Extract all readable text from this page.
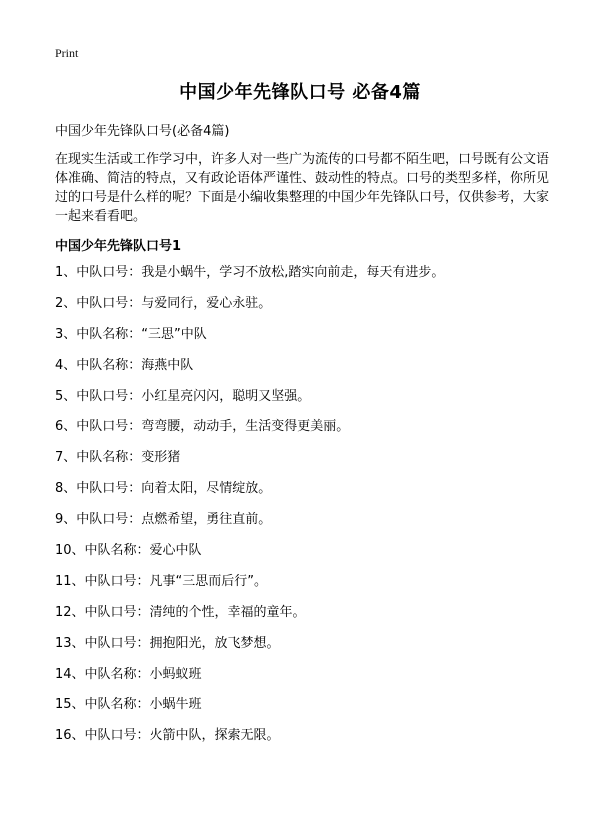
Print
中国少年先锋队口号 必备4篇
中国少年先锋队口号(必备4篇)
在现实生活或工作学习中，许多人对一些广为流传的口号都不陌生吧，口号既有公文语体准确、简洁的特点，又有政论语体严谨性、鼓动性的特点。口号的类型多样，你所见过的口号是什么样的呢？下面是小编收集整理的中国少年先锋队口号，仅供参考，大家一起来看看吧。
中国少年先锋队口号1
1、中队口号：我是小蜗牛，学习不放松,踏实向前走，每天有进步。
2、中队口号：与爱同行，爱心永驻。
3、中队名称：“三思”中队
4、中队名称：海燕中队
5、中队口号：小红星亮闪闪，聪明又坚强。
6、中队口号：弯弯腰，动动手，生活变得更美丽。
7、中队名称：变形猪
8、中队口号：向着太阳，尽情绽放。
9、中队口号：点燃希望，勇往直前。
10、中队名称：爱心中队
11、中队口号：凡事“三思而后行”。
12、中队口号：清纯的个性，幸福的童年。
13、中队口号：拥抱阳光，放飞梦想。
14、中队名称：小蚂蚁班
15、中队名称：小蜗牛班
16、中队口号：火箭中队，探索无限。
